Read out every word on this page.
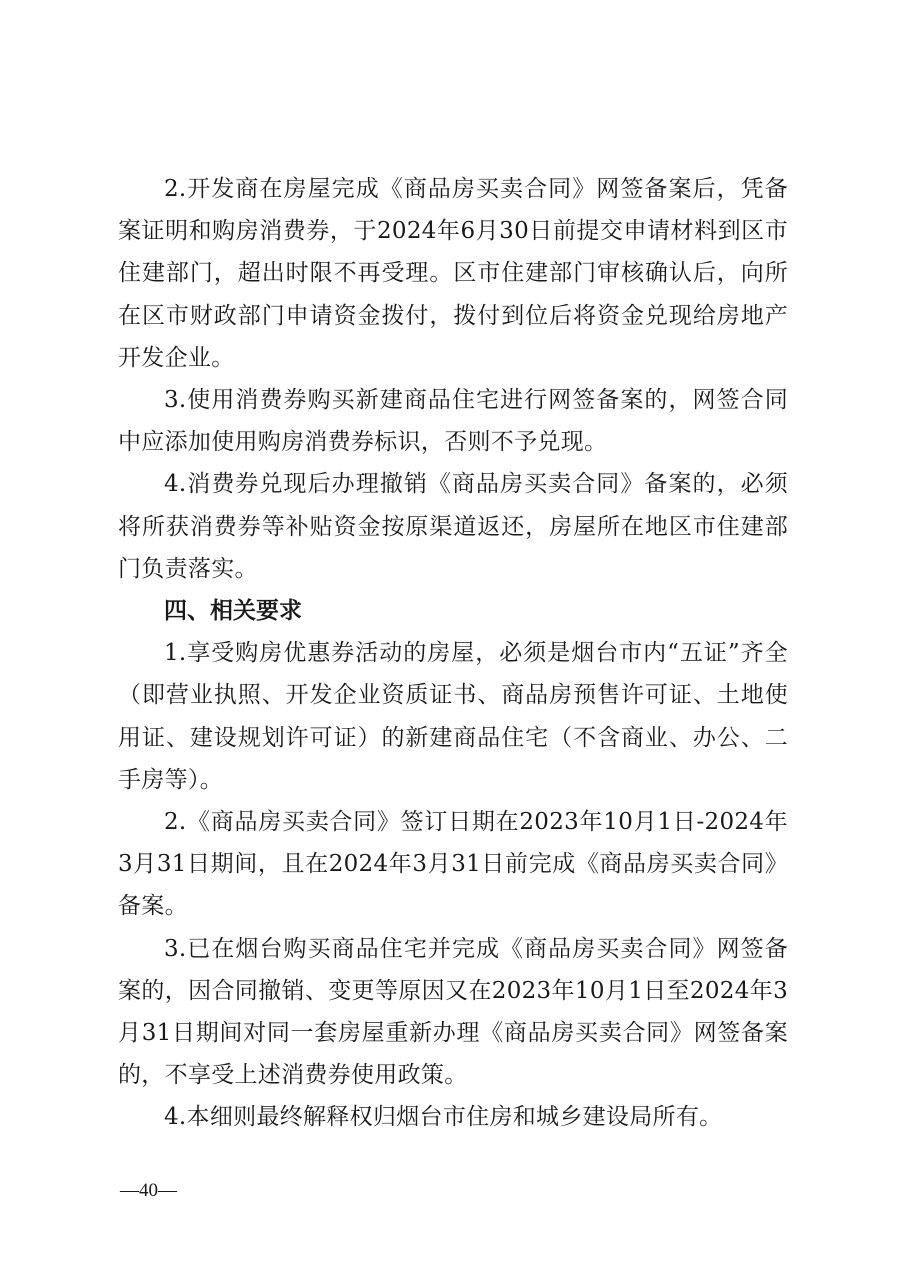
2.开发商在房屋完成《商品房买卖合同》网签备案后，凭备案证明和购房消费券，于2024年6月30日前提交申请材料到区市住建部门，超出时限不再受理。区市住建部门审核确认后，向所在区市财政部门申请资金拨付，拨付到位后将资金兑现给房地产开发企业。

3.使用消费券购买新建商品住宅进行网签备案的，网签合同中应添加使用购房消费券标识，否则不予兑现。

4.消费券兑现后办理撤销《商品房买卖合同》备案的，必须将所获消费券等补贴资金按原渠道返还，房屋所在地区市住建部门负责落实。

四、相关要求

1.享受购房优惠券活动的房屋，必须是烟台市内“五证”齐全（即营业执照、开发企业资质证书、商品房预售许可证、土地使用证、建设规划许可证）的新建商品住宅（不含商业、办公、二手房等）。

2.《商品房买卖合同》签订日期在2023年10月1日-2024年3月31日期间，且在2024年3月31日前完成《商品房买卖合同》备案。

3.已在烟台购买商品住宅并完成《商品房买卖合同》网签备案的，因合同撤销、变更等原因又在2023年10月1日至2024年3月31日期间对同一套房屋重新办理《商品房买卖合同》网签备案的，不享受上述消费券使用政策。

4.本细则最终解释权归烟台市住房和城乡建设局所有。

—40—
